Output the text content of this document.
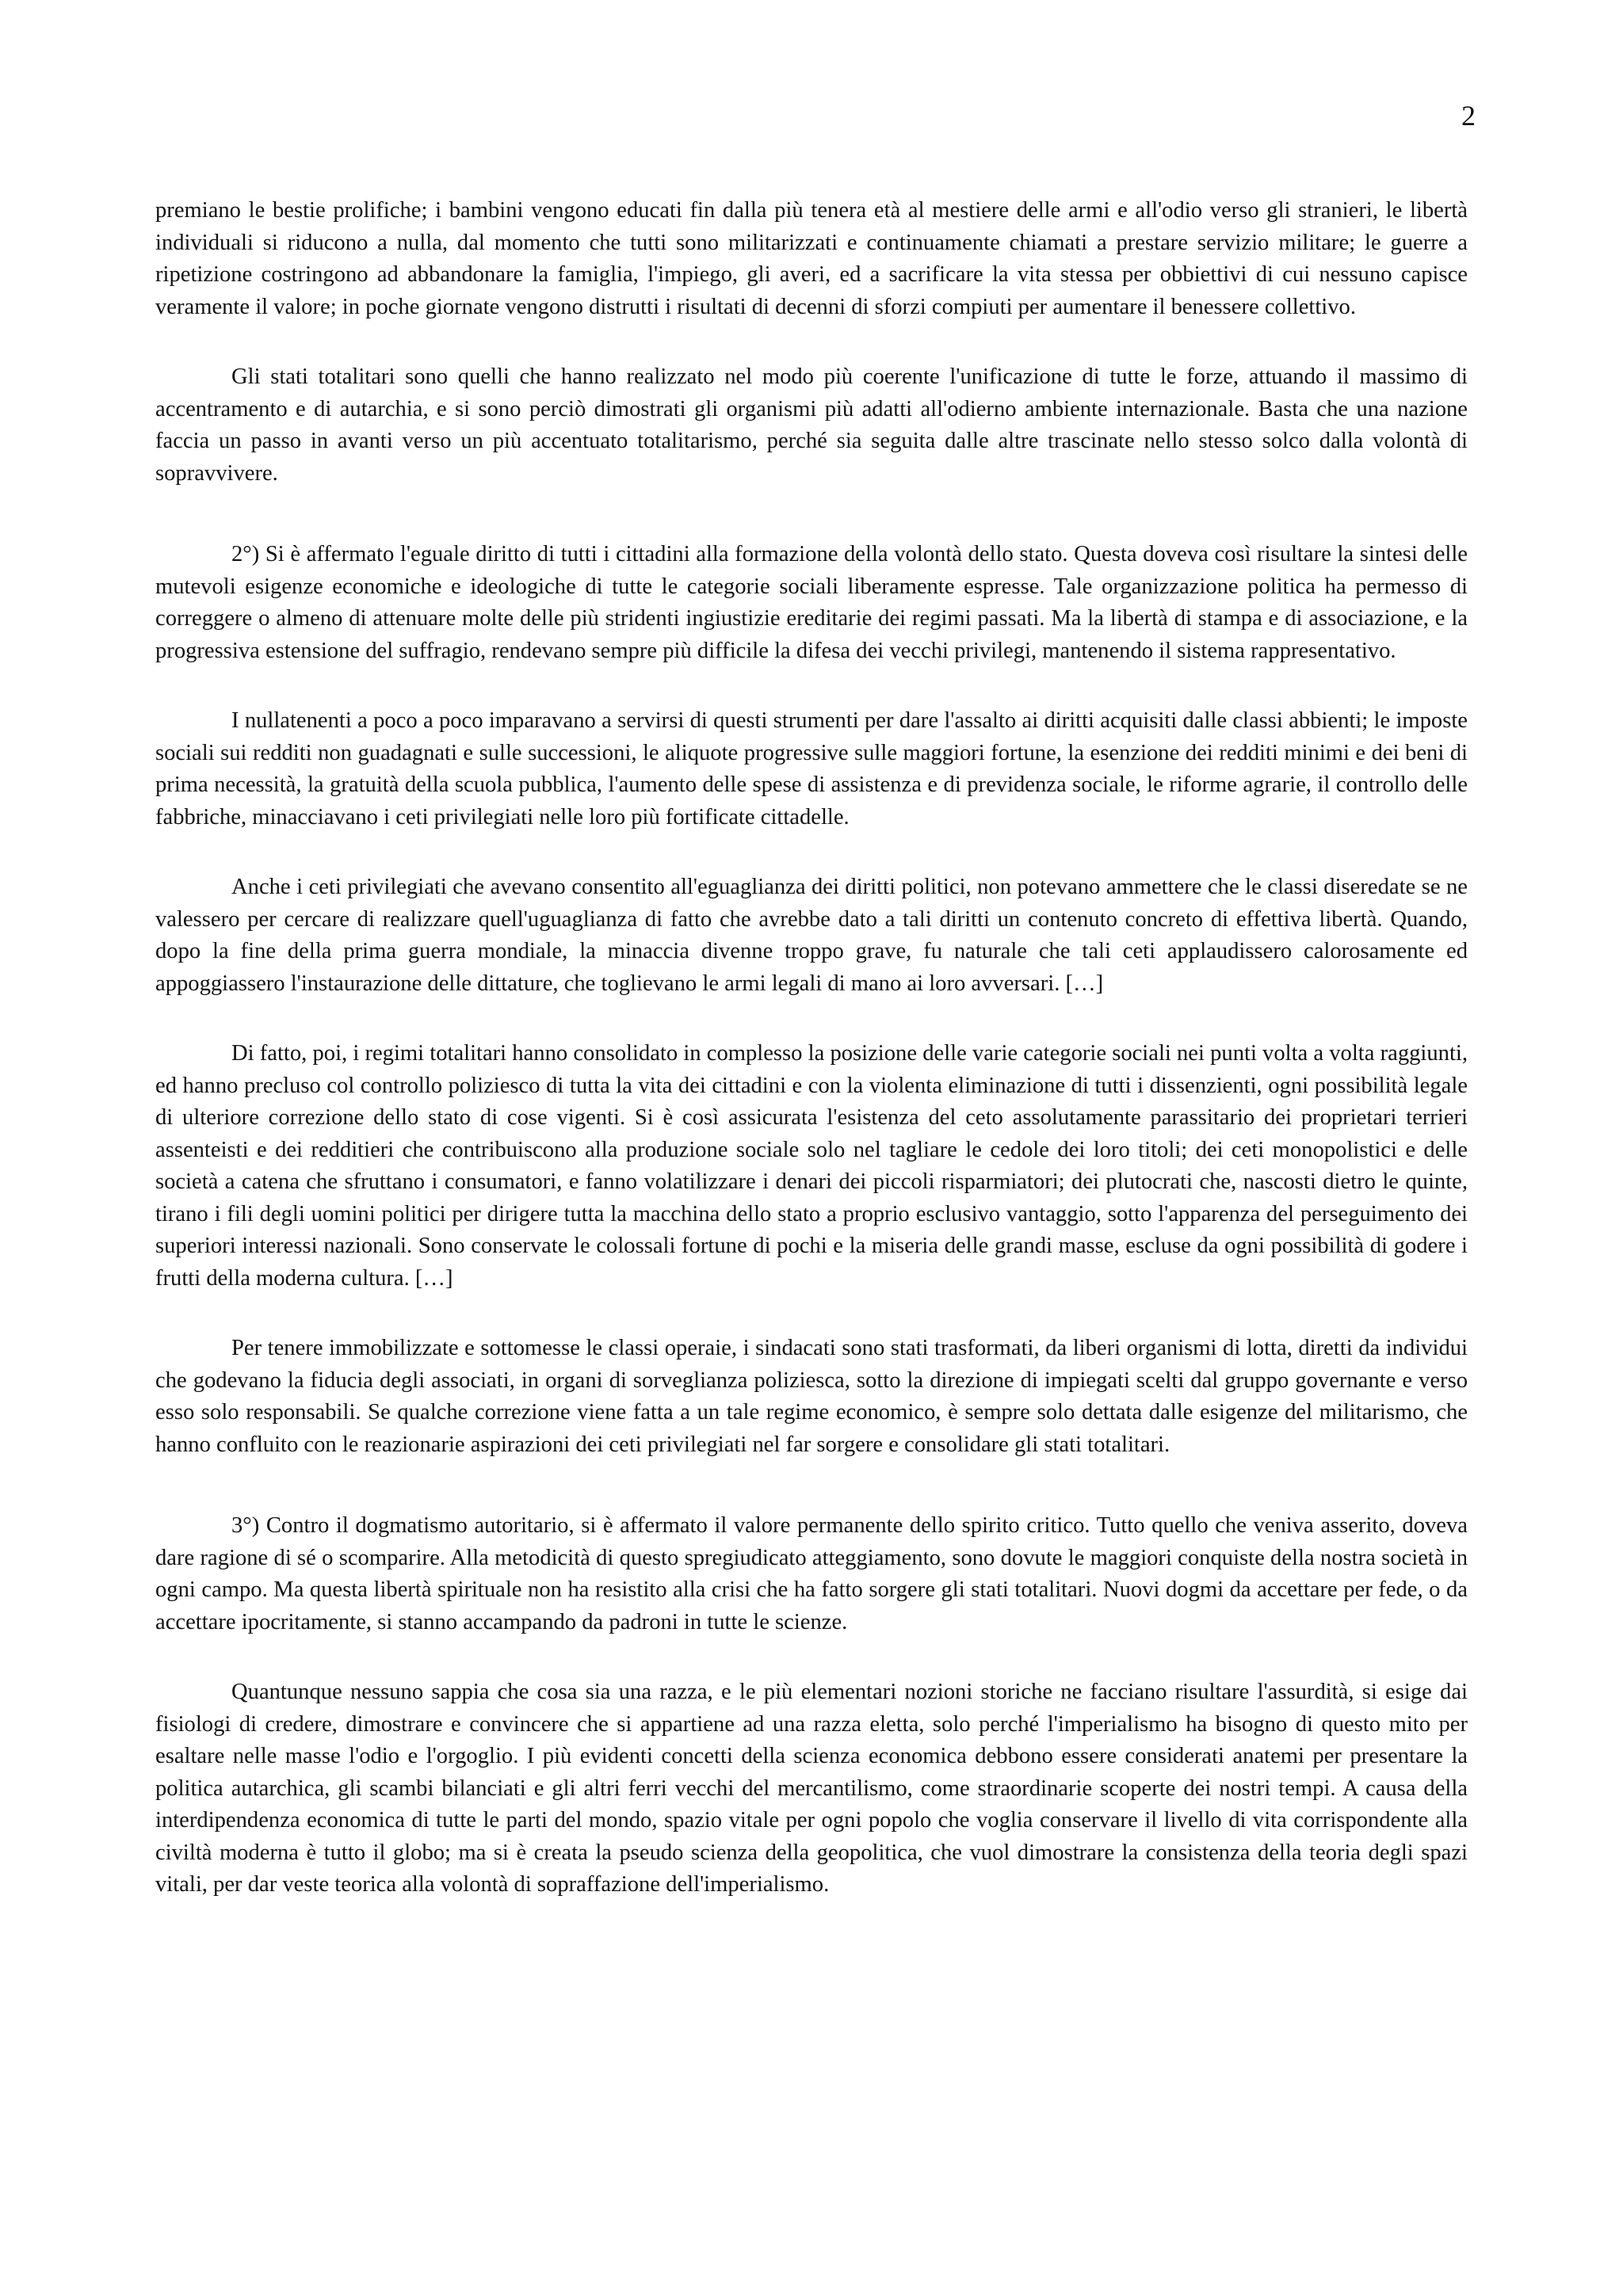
2

premiano le bestie prolifiche; i bambini vengono educati fin dalla più tenera età al mestiere delle armi e all'odio verso gli stranieri, le libertà individuali si riducono a nulla, dal momento che tutti sono militarizzati e continuamente chiamati a prestare servizio militare; le guerre a ripetizione costringono ad abbandonare la famiglia, l'impiego, gli averi, ed a sacrificare la vita stessa per obbiettivi di cui nessuno capisce veramente il valore; in poche giornate vengono distrutti i risultati di decenni di sforzi compiuti per aumentare il benessere collettivo.

Gli stati totalitari sono quelli che hanno realizzato nel modo più coerente l'unificazione di tutte le forze, attuando il massimo di accentramento e di autarchia, e si sono perciò dimostrati gli organismi più adatti all'odierno ambiente internazionale. Basta che una nazione faccia un passo in avanti verso un più accentuato totalitarismo, perché sia seguita dalle altre trascinate nello stesso solco dalla volontà di sopravvivere.

2°) Si è affermato l'eguale diritto di tutti i cittadini alla formazione della volontà dello stato. Questa doveva così risultare la sintesi delle mutevoli esigenze economiche e ideologiche di tutte le categorie sociali liberamente espresse. Tale organizzazione politica ha permesso di correggere o almeno di attenuare molte delle più stridenti ingiustizie ereditarie dei regimi passati. Ma la libertà di stampa e di associazione, e la progressiva estensione del suffragio, rendevano sempre più difficile la difesa dei vecchi privilegi, mantenendo il sistema rappresentativo.

I nullatenenti a poco a poco imparavano a servirsi di questi strumenti per dare l'assalto ai diritti acquisiti dalle classi abbienti; le imposte sociali sui redditi non guadagnati e sulle successioni, le aliquote progressive sulle maggiori fortune, la esenzione dei redditi minimi e dei beni di prima necessità, la gratuità della scuola pubblica, l'aumento delle spese di assistenza e di previdenza sociale, le riforme agrarie, il controllo delle fabbriche, minacciavano i ceti privilegiati nelle loro più fortificate cittadelle.

Anche i ceti privilegiati che avevano consentito all'eguaglianza dei diritti politici, non potevano ammettere che le classi diseredate se ne valessero per cercare di realizzare quell'uguaglianza di fatto che avrebbe dato a tali diritti un contenuto concreto di effettiva libertà. Quando, dopo la fine della prima guerra mondiale, la minaccia divenne troppo grave, fu naturale che tali ceti applaudissero calorosamente ed appoggiassero l'instaurazione delle dittature, che toglievano le armi legali di mano ai loro avversari. […]

Di fatto, poi, i regimi totalitari hanno consolidato in complesso la posizione delle varie categorie sociali nei punti volta a volta raggiunti, ed hanno precluso col controllo poliziesco di tutta la vita dei cittadini e con la violenta eliminazione di tutti i dissenzienti, ogni possibilità legale di ulteriore correzione dello stato di cose vigenti. Si è così assicurata l'esistenza del ceto assolutamente parassitario dei proprietari terrieri assenteisti e dei redditieri che contribuiscono alla produzione sociale solo nel tagliare le cedole dei loro titoli; dei ceti monopolistici e delle società a catena che sfruttano i consumatori, e fanno volatilizzare i denari dei piccoli risparmiatori; dei plutocrati che, nascosti dietro le quinte, tirano i fili degli uomini politici per dirigere tutta la macchina dello stato a proprio esclusivo vantaggio, sotto l'apparenza del perseguimento dei superiori interessi nazionali. Sono conservate le colossali fortune di pochi e la miseria delle grandi masse, escluse da ogni possibilità di godere i frutti della moderna cultura. […]

Per tenere immobilizzate e sottomesse le classi operaie, i sindacati sono stati trasformati, da liberi organismi di lotta, diretti da individui che godevano la fiducia degli associati, in organi di sorveglianza poliziesca, sotto la direzione di impiegati scelti dal gruppo governante e verso esso solo responsabili. Se qualche correzione viene fatta a un tale regime economico, è sempre solo dettata dalle esigenze del militarismo, che hanno confluito con le reazionarie aspirazioni dei ceti privilegiati nel far sorgere e consolidare gli stati totalitari.

3°) Contro il dogmatismo autoritario, si è affermato il valore permanente dello spirito critico. Tutto quello che veniva asserito, doveva dare ragione di sé o scomparire. Alla metodicità di questo spregiudicato atteggiamento, sono dovute le maggiori conquiste della nostra società in ogni campo. Ma questa libertà spirituale non ha resistito alla crisi che ha fatto sorgere gli stati totalitari. Nuovi dogmi da accettare per fede, o da accettare ipocritamente, si stanno accampando da padroni in tutte le scienze.

Quantunque nessuno sappia che cosa sia una razza, e le più elementari nozioni storiche ne facciano risultare l'assurdità, si esige dai fisiologi di credere, dimostrare e convincere che si appartiene ad una razza eletta, solo perché l'imperialismo ha bisogno di questo mito per esaltare nelle masse l'odio e l'orgoglio. I più evidenti concetti della scienza economica debbono essere considerati anatemi per presentare la politica autarchica, gli scambi bilanciati e gli altri ferri vecchi del mercantilismo, come straordinarie scoperte dei nostri tempi. A causa della interdipendenza economica di tutte le parti del mondo, spazio vitale per ogni popolo che voglia conservare il livello di vita corrispondente alla civiltà moderna è tutto il globo; ma si è creata la pseudo scienza della geopolitica, che vuol dimostrare la consistenza della teoria degli spazi vitali, per dar veste teorica alla volontà di sopraffazione dell'imperialismo.
